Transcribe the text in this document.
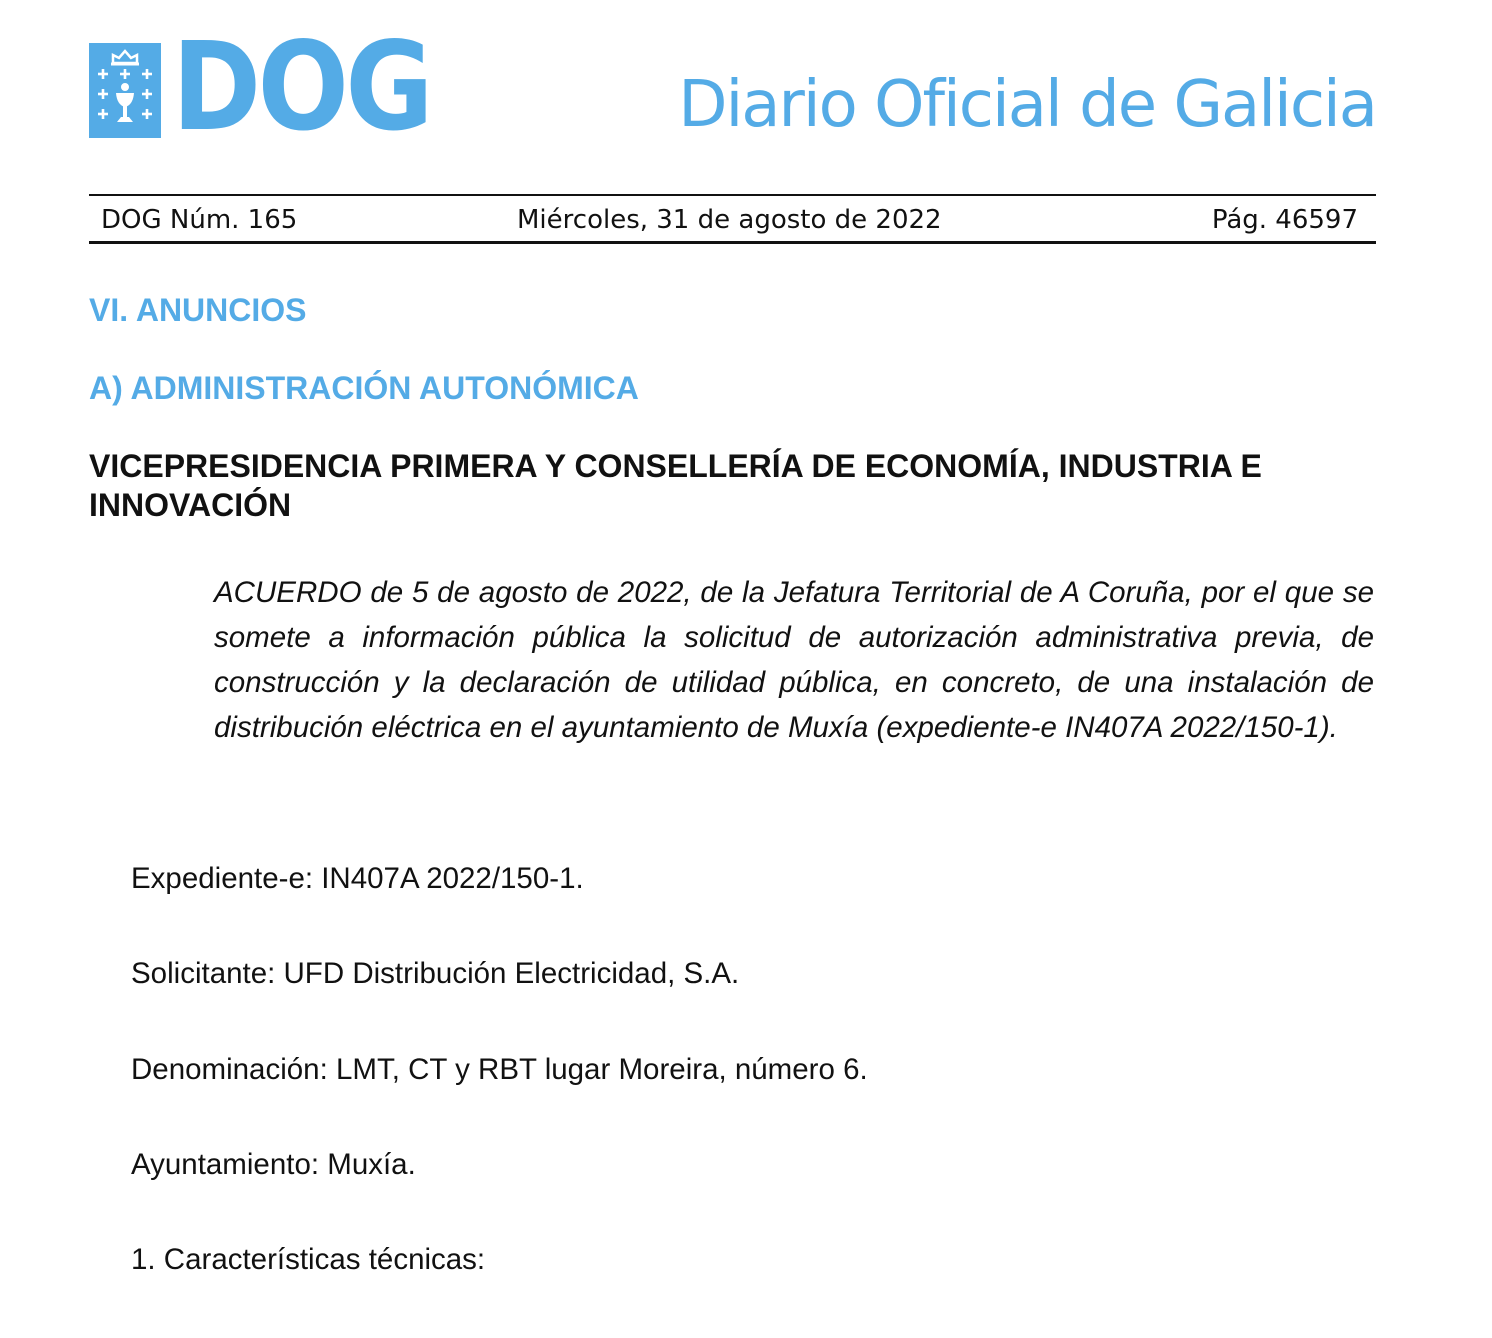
DOG	Diario Oficial de Galicia
DOG Núm. 165	Miércoles, 31 de agosto de 2022	Pág. 46597
VI. ANUNCIOS
A) ADMINISTRACIÓN AUTONÓMICA
VICEPRESIDENCIA PRIMERA Y CONSELLERÍA DE ECONOMÍA, INDUSTRIA E INNOVACIÓN
ACUERDO de 5 de agosto de 2022, de la Jefatura Territorial de A Coruña, por el que se somete a información pública la solicitud de autorización administrativa previa, de construcción y la declaración de utilidad pública, en concreto, de una instalación de distribución eléctrica en el ayuntamiento de Muxía (expediente-e IN407A 2022/150-1).
Expediente-e: IN407A 2022/150-1.
Solicitante: UFD Distribución Electricidad, S.A.
Denominación: LMT, CT y RBT lugar Moreira, número 6.
Ayuntamiento: Muxía.
1. Características técnicas:
